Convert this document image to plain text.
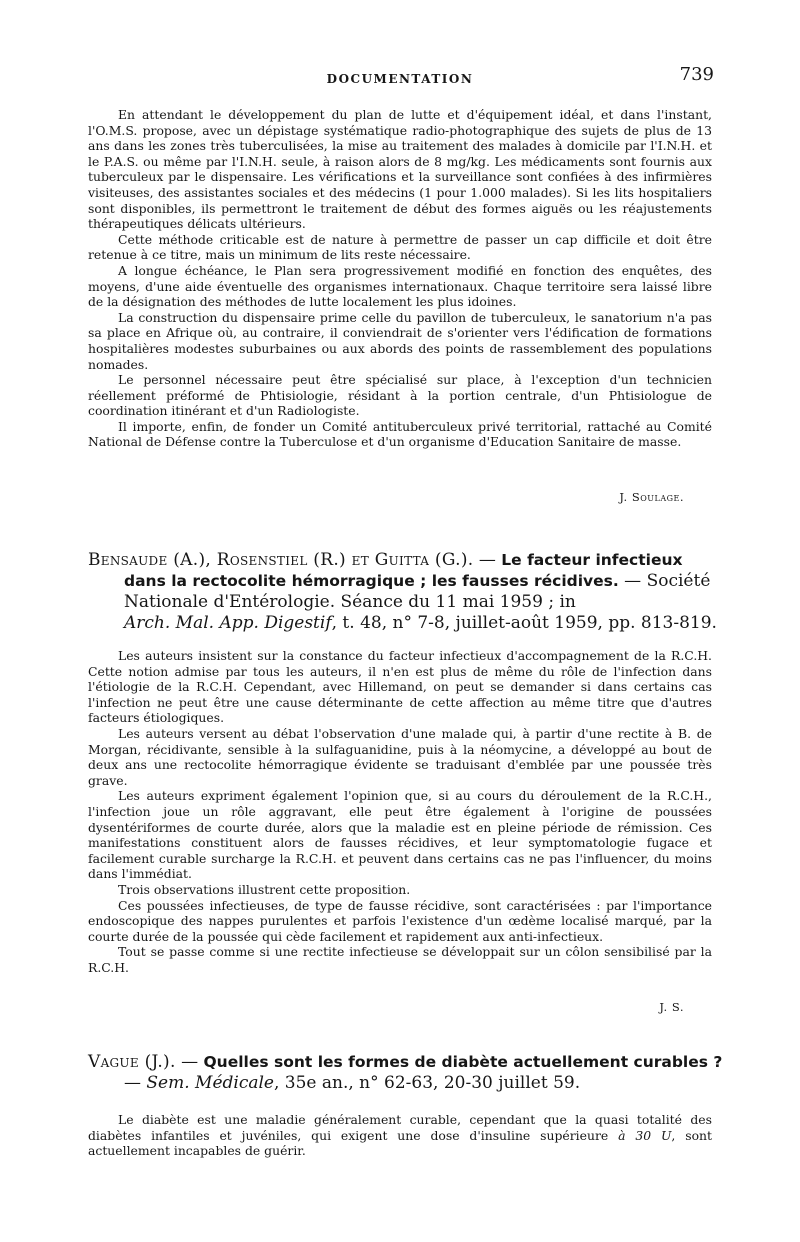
DOCUMENTATION	739

En attendant le développement du plan de lutte et d'équipement idéal, et dans l'instant, l'O.M.S. propose, avec un dépistage systématique radio-photographique des sujets de plus de 13 ans dans les zones très tuberculisées, la mise au traitement des malades à domicile par l'I.N.H. et le P.A.S. ou même par l'I.N.H. seule, à raison alors de 8 mg/kg. Les médicaments sont fournis aux tuberculeux par le dispensaire. Les vérifications et la surveillance sont confiées à des infirmières visiteuses, des assistantes sociales et des médecins (1 pour 1.000 malades). Si les lits hospitaliers sont disponibles, ils permettront le traitement de début des formes aiguës ou les réajustements thérapeutiques délicats ultérieurs.

Cette méthode criticable est de nature à permettre de passer un cap difficile et doit être retenue à ce titre, mais un minimum de lits reste nécessaire.

A longue échéance, le Plan sera progressivement modifié en fonction des enquêtes, des moyens, d'une aide éventuelle des organismes internationaux. Chaque territoire sera laissé libre de la désignation des méthodes de lutte localement les plus idoines.

La construction du dispensaire prime celle du pavillon de tuberculeux, le sanatorium n'a pas sa place en Afrique où, au contraire, il conviendrait de s'orienter vers l'édification de formations hospitalières modestes suburbaines ou aux abords des points de rassemblement des populations nomades.

Le personnel nécessaire peut être spécialisé sur place, à l'exception d'un technicien réellement préformé de Phtisiologie, résidant à la portion centrale, d'un Phtisiologue de coordination itinérant et d'un Radiologiste.

Il importe, enfin, de fonder un Comité antituberculeux privé territorial, rattaché au Comité National de Défense contre la Tuberculose et d'un organisme d'Education Sanitaire de masse.

J. Soulage.
Bensaude (A.), Rosenstiel (R.) et Guitta (G.). — Le facteur infectieux
dans la rectocolite hémorragique ; les fausses récidives. — Société
Nationale d'Entérologie. Séance du 11 mai 1959 ; in
Arch. Mal. App. Digestif, t. 48, n° 7-8, juillet-août 1959, pp. 813-819.

Les auteurs insistent sur la constance du facteur infectieux d'accompagnement de la R.C.H. Cette notion admise par tous les auteurs, il n'en est plus de même du rôle de l'infection dans l'étiologie de la R.C.H. Cependant, avec Hillemand, on peut se demander si dans certains cas l'infection ne peut être une cause déterminante de cette affection au même titre que d'autres facteurs étiologiques.

Les auteurs versent au débat l'observation d'une malade qui, à partir d'une rectite à B. de Morgan, récidivante, sensible à la sulfaguanidine, puis à la néomycine, a développé au bout de deux ans une rectocolite hémorragique évidente se traduisant d'emblée par une poussée très grave.

Les auteurs expriment également l'opinion que, si au cours du déroulement de la R.C.H., l'infection joue un rôle aggravant, elle peut être également à l'origine de poussées dysentériformes de courte durée, alors que la maladie est en pleine période de rémission. Ces manifestations constituent alors de fausses récidives, et leur symptomatologie fugace et facilement curable surcharge la R.C.H. et peuvent dans certains cas ne pas l'influencer, du moins dans l'immédiat.

Trois observations illustrent cette proposition.

Ces poussées infectieuses, de type de fausse récidive, sont caractérisées : par l'importance endoscopique des nappes purulentes et parfois l'existence d'un œdème localisé marqué, par la courte durée de la poussée qui cède facilement et rapidement aux anti-infectieux.

Tout se passe comme si une rectite infectieuse se développait sur un côlon sensibilisé par la R.C.H.

J. S.
Vague (J.). — Quelles sont les formes de diabète actuellement curables ?
— Sem. Médicale, 35e an., n° 62-63, 20-30 juillet 59.

Le diabète est une maladie généralement curable, cependant que la quasi totalité des diabètes infantiles et juvéniles, qui exigent une dose d'insuline supérieure à 30 U, sont actuellement incapables de guérir.
